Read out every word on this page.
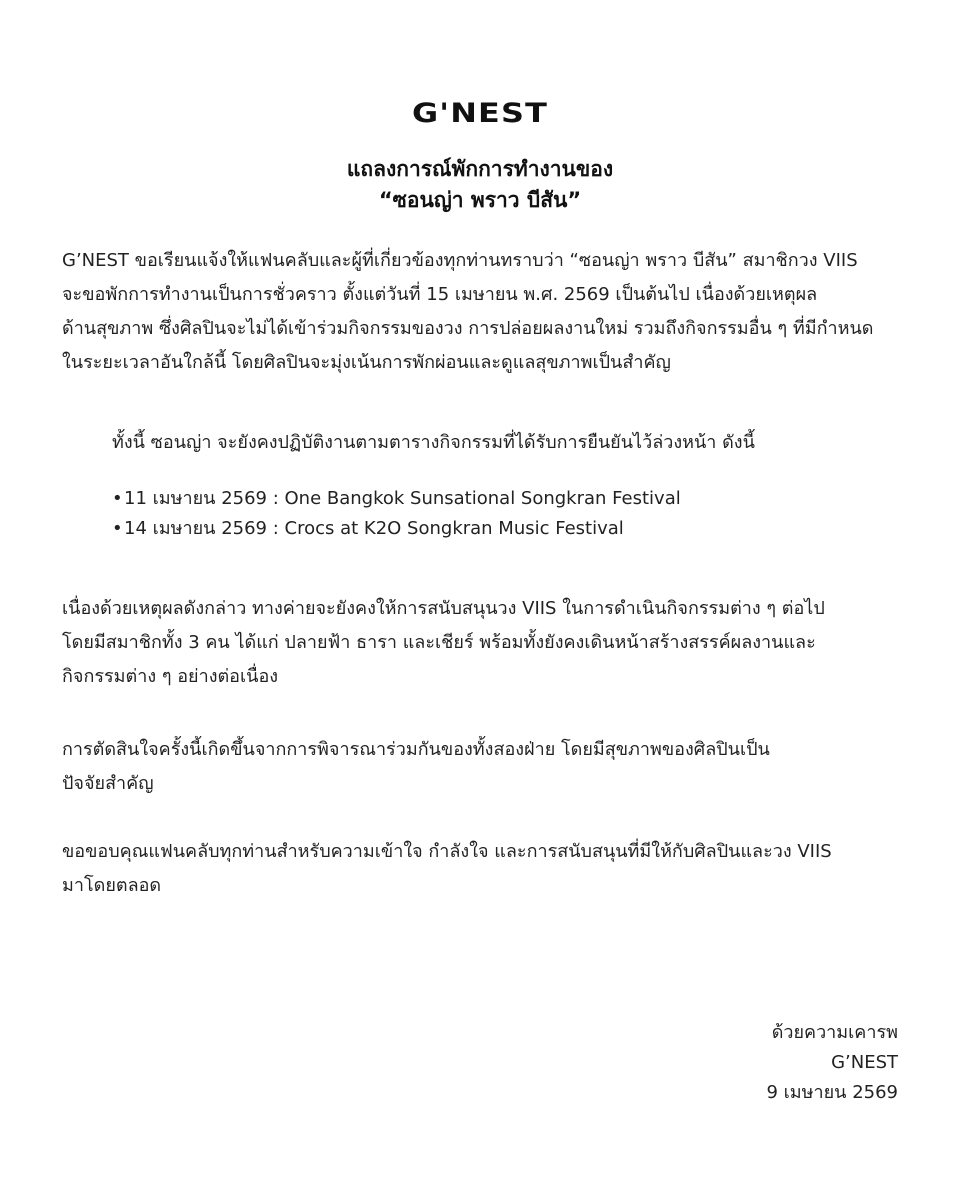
G'NEST
แถลงการณ์พักการทำงานของ
“ซอนญ่า พราว บีสัน”

G’NEST ขอเรียนแจ้งให้แฟนคลับและผู้ที่เกี่ยวข้องทุกท่านทราบว่า “ซอนญ่า พราว บีสัน” สมาชิกวง VIIS
จะขอพักการทำงานเป็นการชั่วคราว ตั้งแต่วันที่ 15 เมษายน พ.ศ. 2569 เป็นต้นไป เนื่องด้วยเหตุผล
ด้านสุขภาพ ซึ่งศิลปินจะไม่ได้เข้าร่วมกิจกรรมของวง การปล่อยผลงานใหม่ รวมถึงกิจกรรมอื่น ๆ ที่มีกำหนด
ในระยะเวลาอันใกล้นี้ โดยศิลปินจะมุ่งเน้นการพักผ่อนและดูแลสุขภาพเป็นสำคัญ

ทั้งนี้ ซอนญ่า จะยังคงปฏิบัติงานตามตารางกิจกรรมที่ได้รับการยืนยันไว้ล่วงหน้า ดังนี้

•11 เมษายน 2569 : One Bangkok Sunsational Songkran Festival
•14 เมษายน 2569 : Crocs at K2O Songkran Music Festival

เนื่องด้วยเหตุผลดังกล่าว ทางค่ายจะยังคงให้การสนับสนุนวง VIIS ในการดำเนินกิจกรรมต่าง ๆ ต่อไป
โดยมีสมาชิกทั้ง 3 คน ได้แก่ ปลายฟ้า ธารา และเชียร์ พร้อมทั้งยังคงเดินหน้าสร้างสรรค์ผลงานและ
กิจกรรมต่าง ๆ อย่างต่อเนื่อง

การตัดสินใจครั้งนี้เกิดขึ้นจากการพิจารณาร่วมกันของทั้งสองฝ่าย โดยมีสุขภาพของศิลปินเป็น
ปัจจัยสำคัญ

ขอขอบคุณแฟนคลับทุกท่านสำหรับความเข้าใจ กำลังใจ และการสนับสนุนที่มีให้กับศิลปินและวง VIIS
มาโดยตลอด

ด้วยความเคารพ
G’NEST
9 เมษายน 2569
